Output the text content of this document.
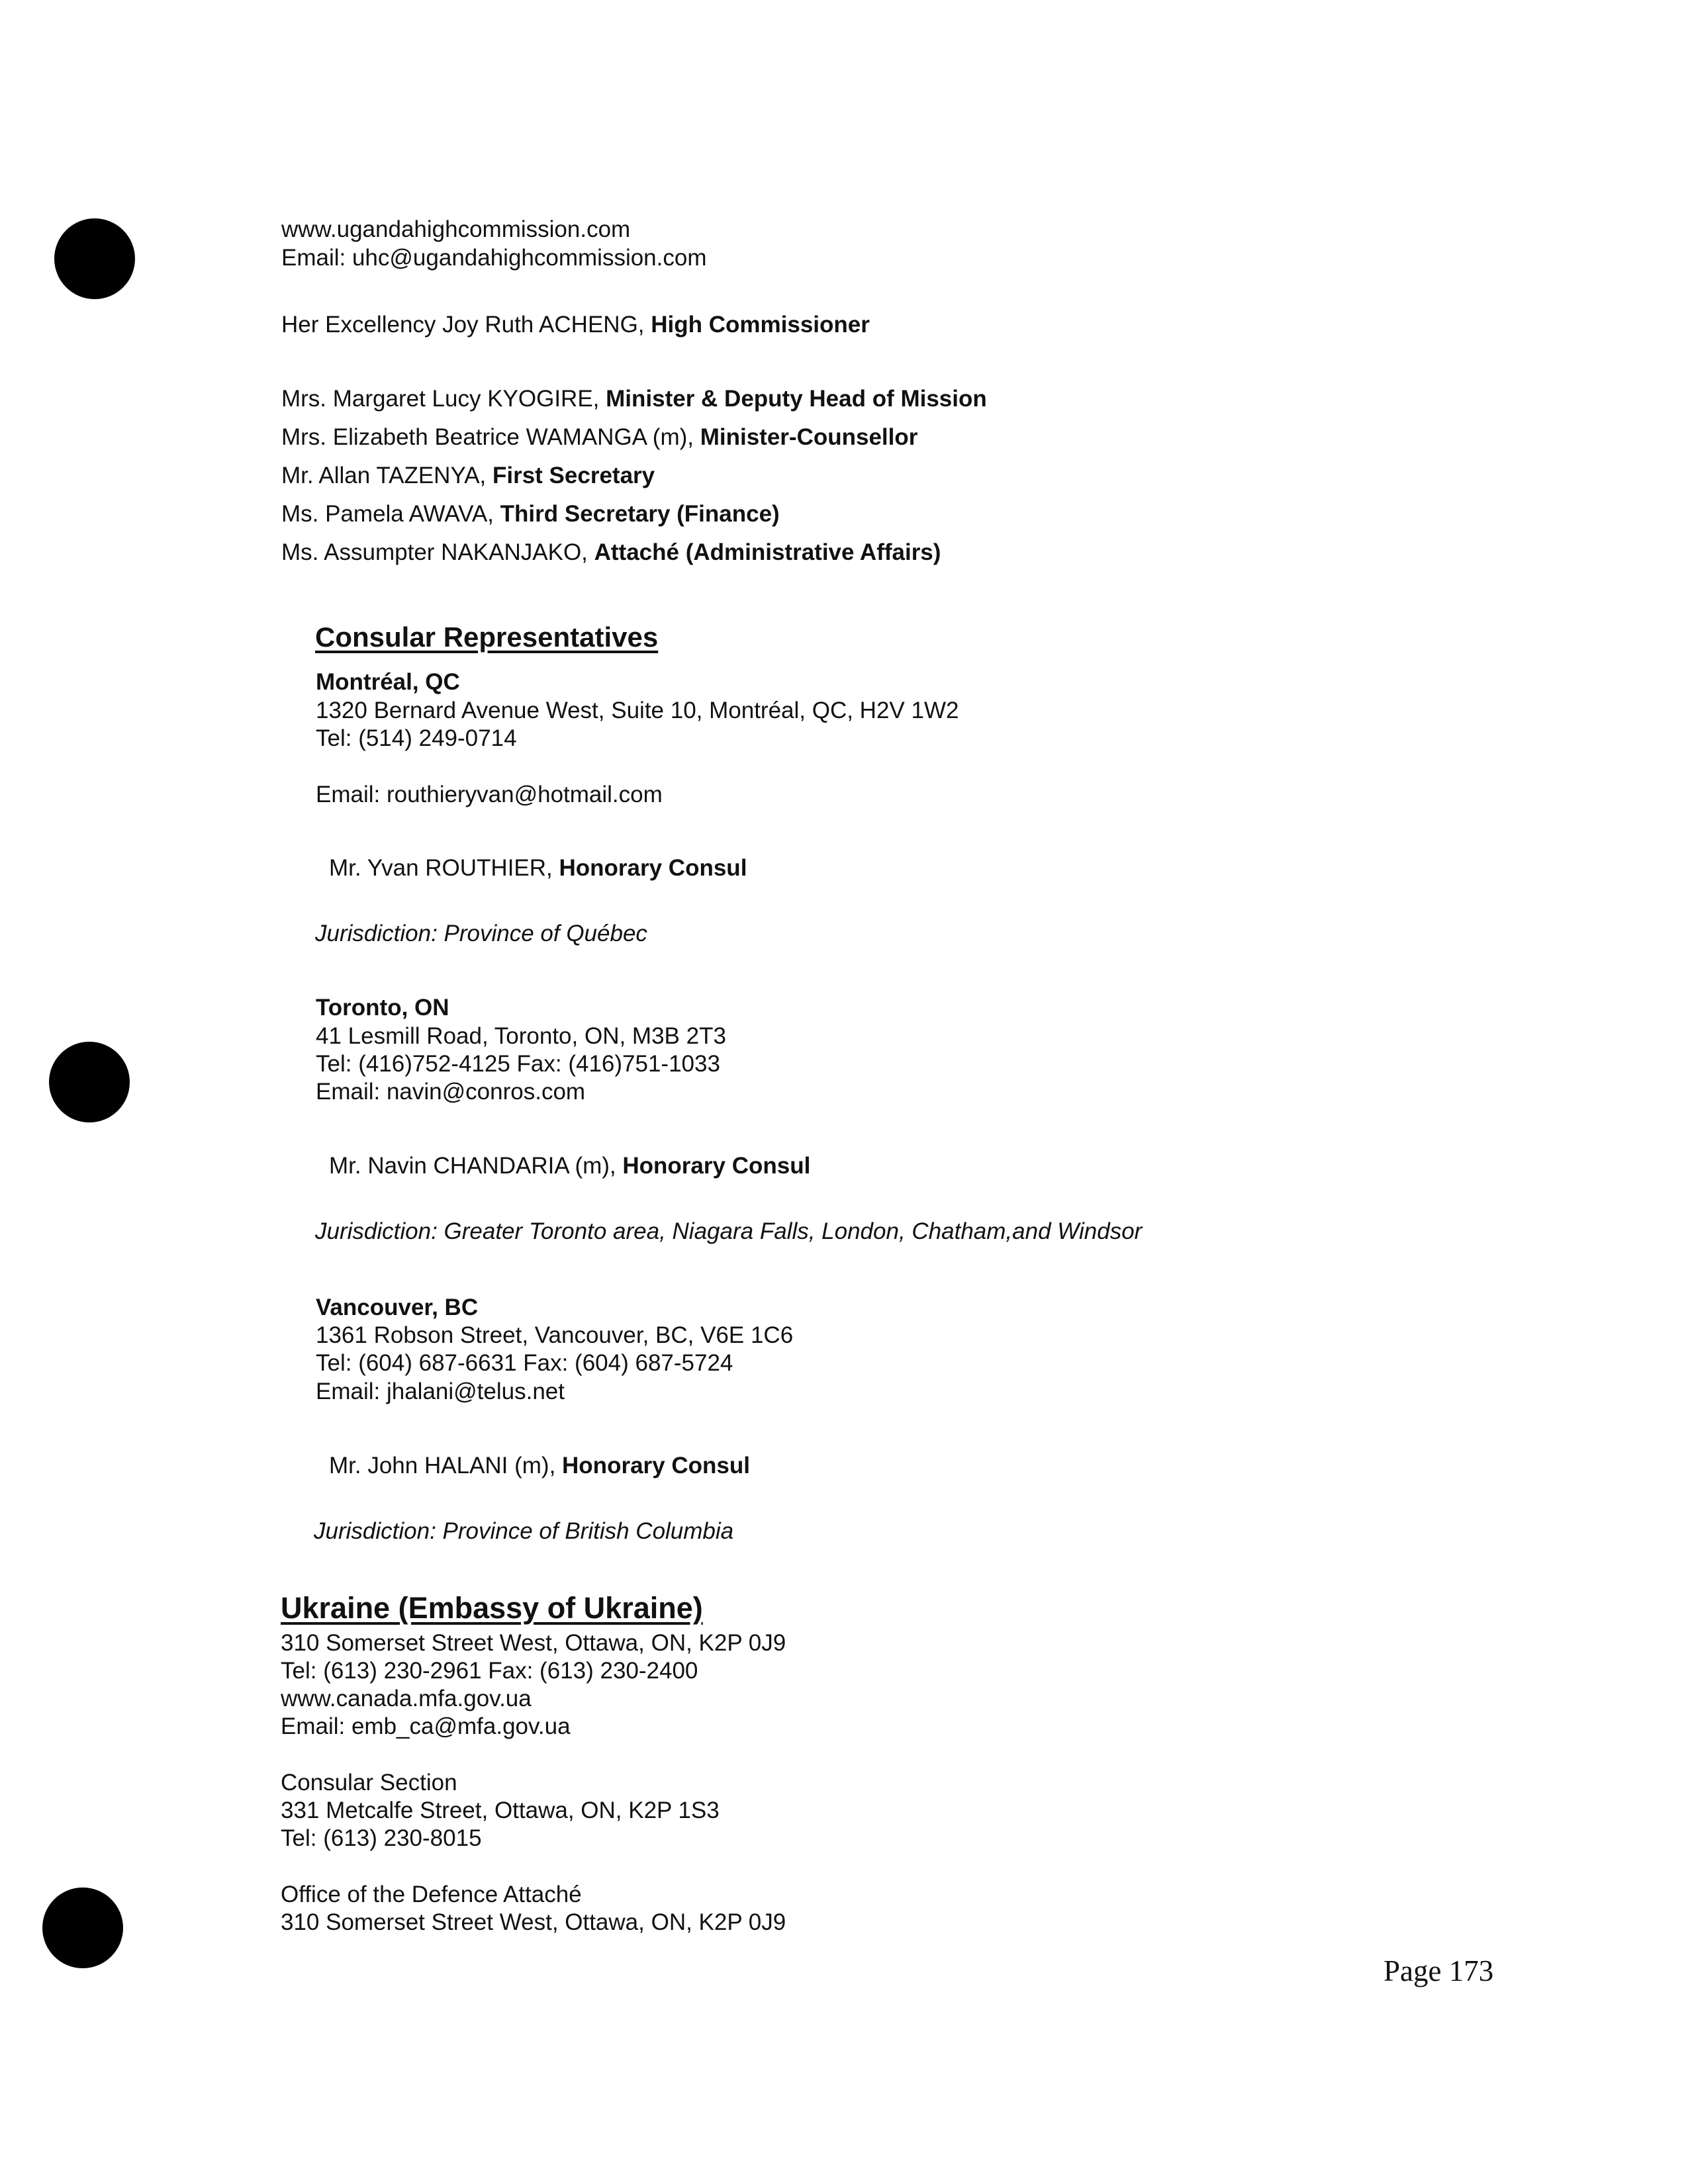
www.ugandahighcommission.com
Email: uhc@ugandahighcommission.com
Her Excellency Joy Ruth ACHENG, High Commissioner
Mrs. Margaret Lucy KYOGIRE, Minister & Deputy Head of Mission
Mrs. Elizabeth Beatrice WAMANGA (m), Minister-Counsellor
Mr. Allan TAZENYA, First Secretary
Ms. Pamela AWAVA, Third Secretary (Finance)
Ms. Assumpter NAKANJAKO, Attaché (Administrative Affairs)
Consular Representatives
Montréal, QC
1320 Bernard Avenue West, Suite 10, Montréal, QC, H2V 1W2
Tel: (514) 249-0714
Email: routhieryvan@hotmail.com
Mr. Yvan ROUTHIER, Honorary Consul
Jurisdiction: Province of Québec
Toronto, ON
41 Lesmill Road, Toronto, ON, M3B 2T3
Tel: (416)752-4125 Fax: (416)751-1033
Email: navin@conros.com
Mr. Navin CHANDARIA (m), Honorary Consul
Jurisdiction: Greater Toronto area, Niagara Falls, London, Chatham,and Windsor
Vancouver, BC
1361 Robson Street, Vancouver, BC, V6E 1C6
Tel: (604) 687-6631 Fax: (604) 687-5724
Email: jhalani@telus.net
Mr. John HALANI (m), Honorary Consul
Jurisdiction: Province of British Columbia
Ukraine (Embassy of Ukraine)
310 Somerset Street West, Ottawa, ON, K2P 0J9
Tel: (613) 230-2961 Fax: (613) 230-2400
www.canada.mfa.gov.ua
Email: emb_ca@mfa.gov.ua
Consular Section
331 Metcalfe Street, Ottawa, ON, K2P 1S3
Tel: (613) 230-8015
Office of the Defence Attaché
310 Somerset Street West, Ottawa, ON, K2P 0J9
Page 173
